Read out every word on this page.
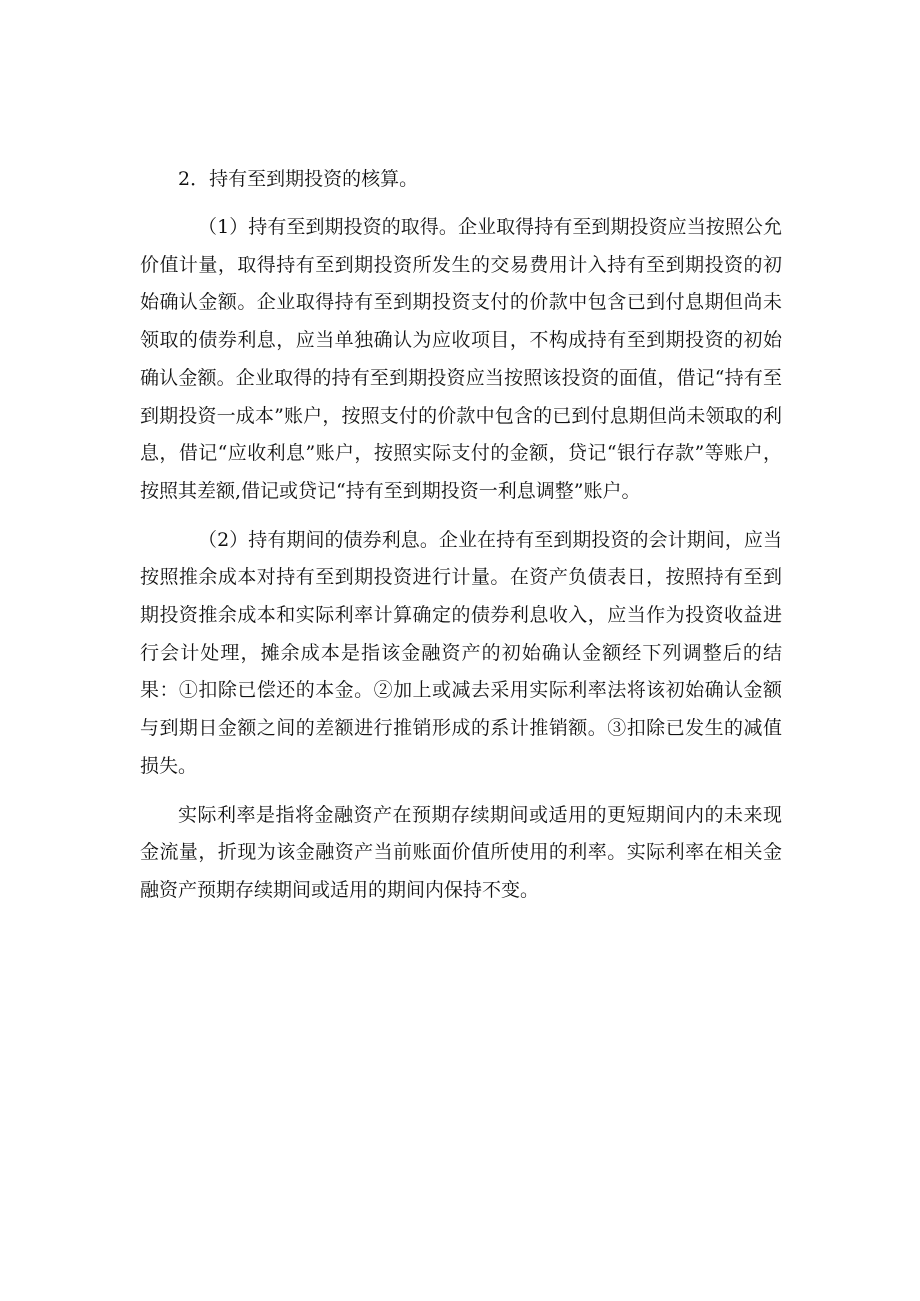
2．持有至到期投资的核算。

（1）持有至到期投资的取得。企业取得持有至到期投资应当按照公允价值计量，取得持有至到期投资所发生的交易费用计入持有至到期投资的初始确认金额。企业取得持有至到期投资支付的价款中包含已到付息期但尚未领取的债券利息，应当单独确认为应收项目，不构成持有至到期投资的初始确认金额。企业取得的持有至到期投资应当按照该投资的面值，借记“持有至到期投资一成本”账户，按照支付的价款中包含的已到付息期但尚未领取的利息，借记“应收利息”账户，按照实际支付的金额，贷记“银行存款”等账户，按照其差额,借记或贷记“持有至到期投资一利息调整”账户。

（2）持有期间的债券利息。企业在持有至到期投资的会计期间，应当按照推余成本对持有至到期投资进行计量。在资产负债表日，按照持有至到期投资推余成本和实际利率计算确定的债券利息收入，应当作为投资收益进行会计处理，摊余成本是指该金融资产的初始确认金额经下列调整后的结果：①扣除已偿还的本金。②加上或减去采用实际利率法将该初始确认金额与到期日金额之间的差额进行推销形成的系计推销额。③扣除已发生的减值损失。

实际利率是指将金融资产在预期存续期间或适用的更短期间内的未来现金流量，折现为该金融资产当前账面价值所使用的利率。实际利率在相关金融资产预期存续期间或适用的期间内保持不变。
